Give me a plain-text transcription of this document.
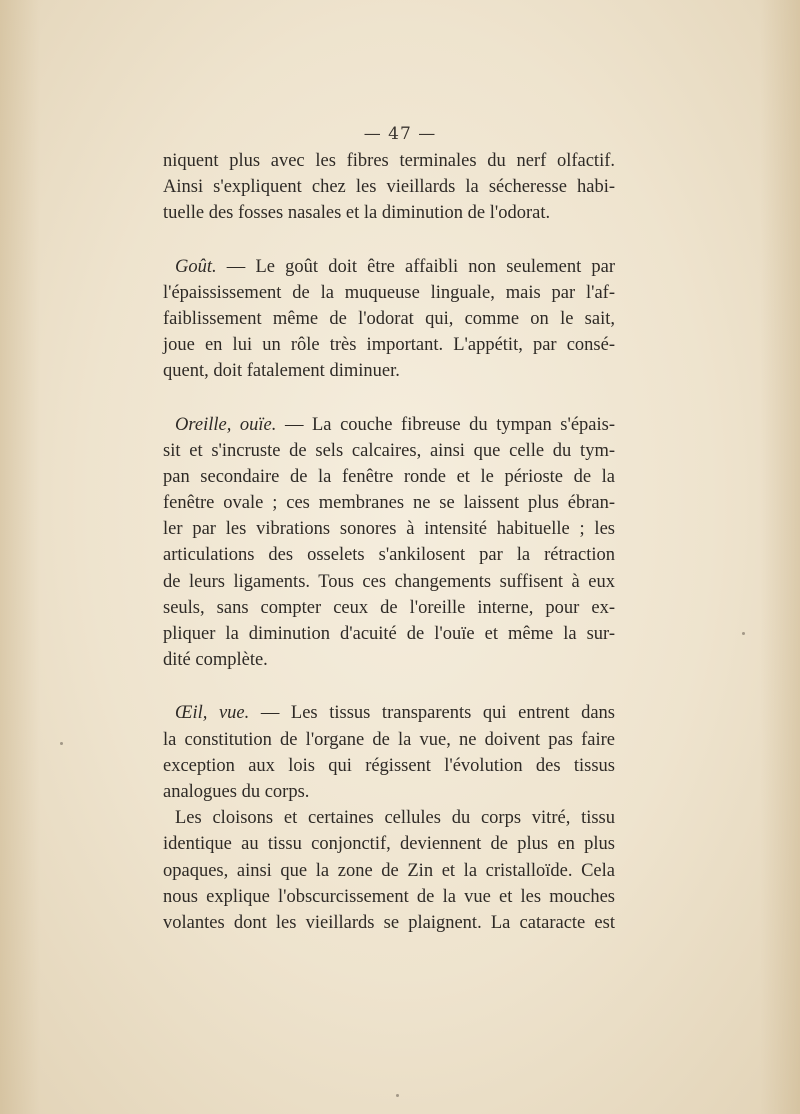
— 47 —
niquent plus avec les fibres terminales du nerf olfactif.
Ainsi s'expliquent chez les vieillards la sécheresse habi-
tuelle des fosses nasales et la diminution de l'odorat.
Goût. — Le goût doit être affaibli non seulement par
l'épaississement de la muqueuse linguale, mais par l'af-
faiblissement même de l'odorat qui, comme on le sait,
joue en lui un rôle très important. L'appétit, par consé-
quent, doit fatalement diminuer.
Oreille, ouïe. — La couche fibreuse du tympan s'épais-
sit et s'incruste de sels calcaires, ainsi que celle du tym-
pan secondaire de la fenêtre ronde et le périoste de la
fenêtre ovale ; ces membranes ne se laissent plus ébran-
ler par les vibrations sonores à intensité habituelle ; les
articulations des osselets s'ankilosent par la rétraction
de leurs ligaments. Tous ces changements suffisent à eux
seuls, sans compter ceux de l'oreille interne, pour ex-
pliquer la diminution d'acuité de l'ouïe et même la sur-
dité complète.
Œil, vue. — Les tissus transparents qui entrent dans
la constitution de l'organe de la vue, ne doivent pas faire
exception aux lois qui régissent l'évolution des tissus
analogues du corps.
Les cloisons et certaines cellules du corps vitré, tissu
identique au tissu conjonctif, deviennent de plus en plus
opaques, ainsi que la zone de Zin et la cristalloïde. Cela
nous explique l'obscurcissement de la vue et les mouches
volantes dont les vieillards se plaignent. La cataracte est
